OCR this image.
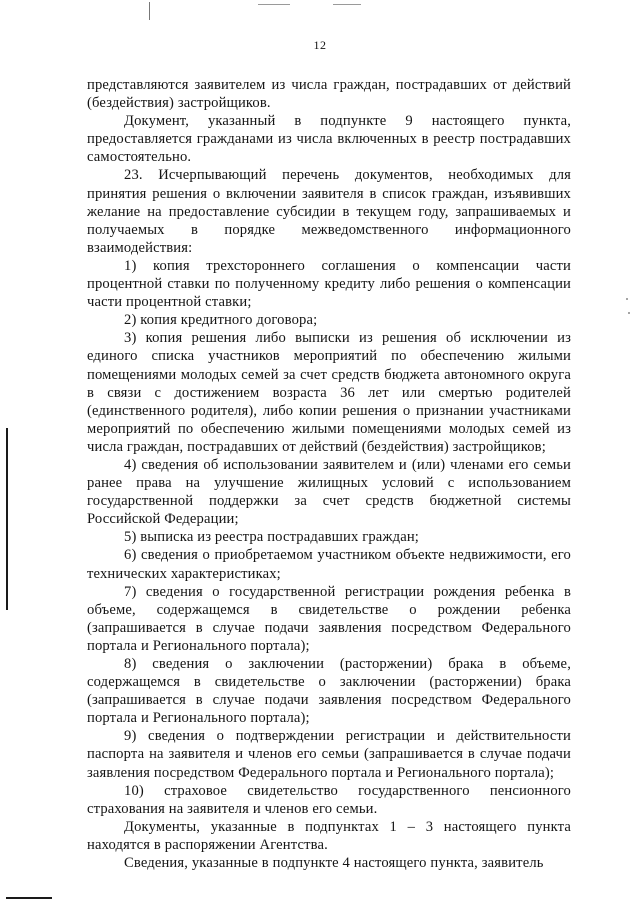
12

представляются заявителем из числа граждан, пострадавших от действий (бездействия) застройщиков.

Документ, указанный в подпункте 9 настоящего пункта, предоставляется гражданами из числа включенных в реестр пострадавших самостоятельно.

23. Исчерпывающий перечень документов, необходимых для принятия решения о включении заявителя в список граждан, изъявивших желание на предоставление субсидии в текущем году, запрашиваемых и получаемых в порядке межведомственного информационного взаимодействия:

1) копия трехстороннего соглашения о компенсации части процентной ставки по полученному кредиту либо решения о компенсации части процентной ставки;

2) копия кредитного договора;

3) копия решения либо выписки из решения об исключении из единого списка участников мероприятий по обеспечению жилыми помещениями молодых семей за счет средств бюджета автономного округа в связи с достижением возраста 36 лет или смертью родителей (единственного родителя), либо копии решения о признании участниками мероприятий по обеспечению жилыми помещениями молодых семей из числа граждан, пострадавших от действий (бездействия) застройщиков;

4) сведения об использовании заявителем и (или) членами его семьи ранее права на улучшение жилищных условий с использованием государственной поддержки за счет средств бюджетной системы Российской Федерации;

5) выписка из реестра пострадавших граждан;

6) сведения о приобретаемом участником объекте недвижимости, его технических характеристиках;

7) сведения о государственной регистрации рождения ребенка в объеме, содержащемся в свидетельстве о рождении ребенка (запрашивается в случае подачи заявления посредством Федерального портала и Регионального портала);

8) сведения о заключении (расторжении) брака в объеме, содержащемся в свидетельстве о заключении (расторжении) брака (запрашивается в случае подачи заявления посредством Федерального портала и Регионального портала);

9) сведения о подтверждении регистрации и действительности паспорта на заявителя и членов его семьи (запрашивается в случае подачи заявления посредством Федерального портала и Регионального портала);

10) страховое свидетельство государственного пенсионного страхования на заявителя и членов его семьи.

Документы, указанные в подпунктах 1 – 3 настоящего пункта находятся в распоряжении Агентства.

Сведения, указанные в подпункте 4 настоящего пункта, заявитель
